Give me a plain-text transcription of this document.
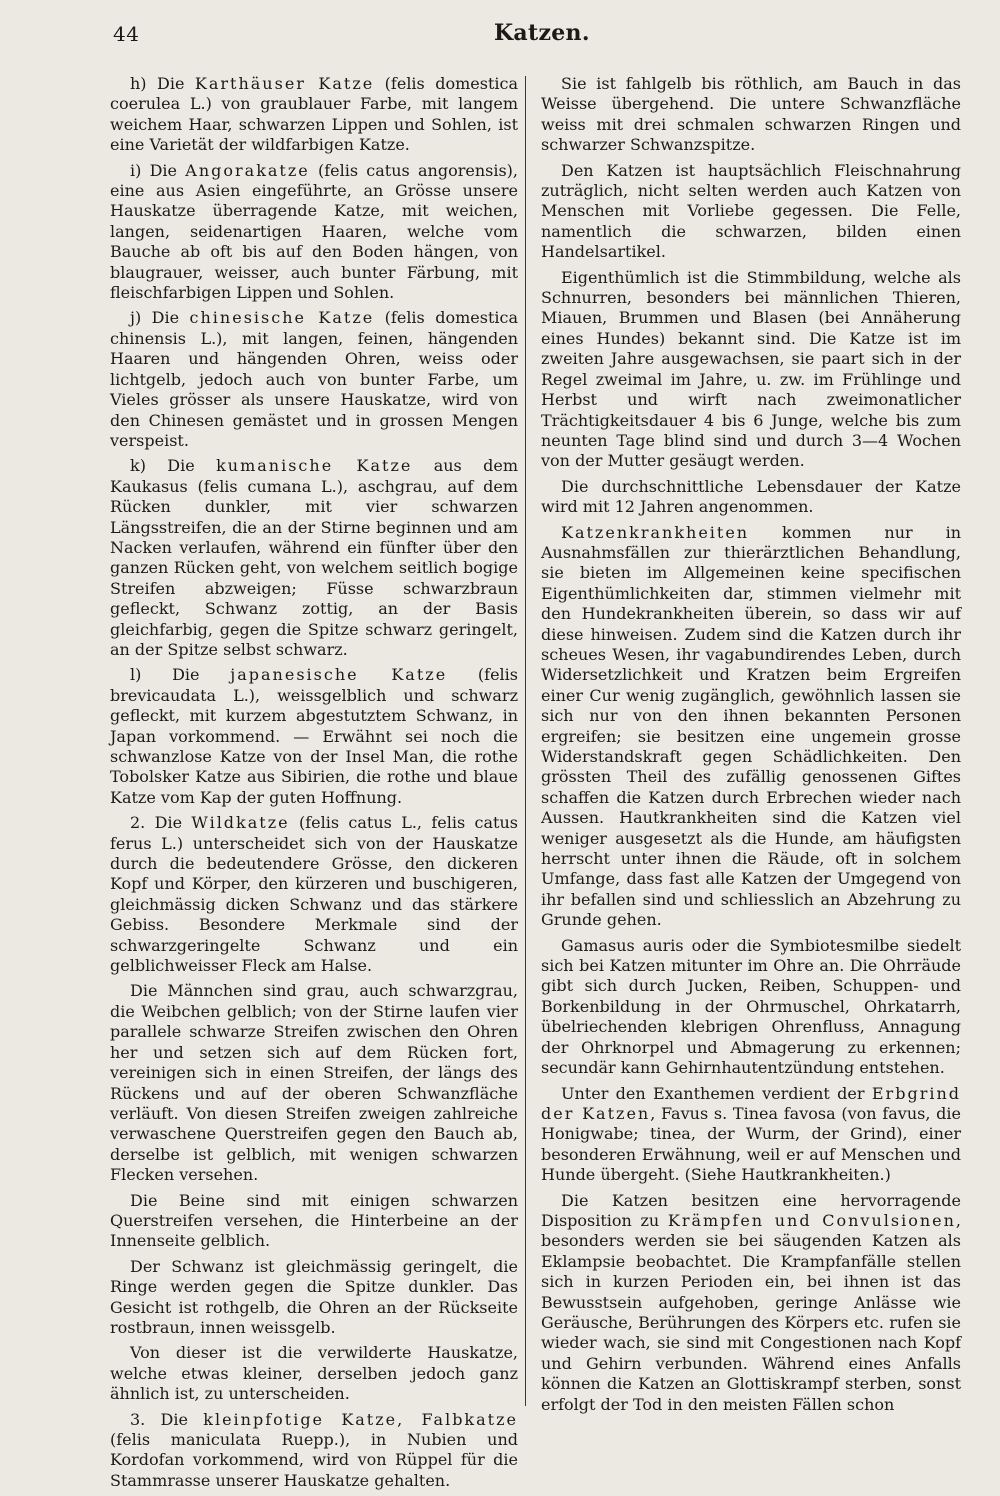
44	Katzen.

h) Die Karthäuser Katze (felis domestica coerulea L.) von graublauer Farbe, mit langem weichem Haar, schwarzen Lippen und Sohlen, ist eine Varietät der wildfarbigen Katze.

i) Die Angorakatze (felis catus angorensis), eine aus Asien eingeführte, an Grösse unsere Hauskatze überragende Katze, mit weichen, langen, seidenartigen Haaren, welche vom Bauche ab oft bis auf den Boden hängen, von blaugrauer, weisser, auch bunter Färbung, mit fleischfarbigen Lippen und Sohlen.

j) Die chinesische Katze (felis domestica chinensis L.), mit langen, feinen, hängenden Haaren und hängenden Ohren, weiss oder lichtgelb, jedoch auch von bunter Farbe, um Vieles grösser als unsere Hauskatze, wird von den Chinesen gemästet und in grossen Mengen verspeist.

k) Die kumanische Katze aus dem Kaukasus (felis cumana L.), aschgrau, auf dem Rücken dunkler, mit vier schwarzen Längsstreifen, die an der Stirne beginnen und am Nacken verlaufen, während ein fünfter über den ganzen Rücken geht, von welchem seitlich bogige Streifen abzweigen; Füsse schwarzbraun gefleckt, Schwanz zottig, an der Basis gleichfarbig, gegen die Spitze schwarz geringelt, an der Spitze selbst schwarz.

l) Die japanesische Katze (felis brevicaudata L.), weissgelblich und schwarz gefleckt, mit kurzem abgestutztem Schwanz, in Japan vorkommend. — Erwähnt sei noch die schwanzlose Katze von der Insel Man, die rothe Tobolsker Katze aus Sibirien, die rothe und blaue Katze vom Kap der guten Hoffnung.

2. Die Wildkatze (felis catus L., felis catus ferus L.) unterscheidet sich von der Hauskatze durch die bedeutendere Grösse, den dickeren Kopf und Körper, den kürzeren und buschigeren, gleichmässig dicken Schwanz und das stärkere Gebiss. Besondere Merkmale sind der schwarzgeringelte Schwanz und ein gelblichweisser Fleck am Halse.

Die Männchen sind grau, auch schwarzgrau, die Weibchen gelblich; von der Stirne laufen vier parallele schwarze Streifen zwischen den Ohren her und setzen sich auf dem Rücken fort, vereinigen sich in einen Streifen, der längs des Rückens und auf der oberen Schwanzfläche verläuft. Von diesen Streifen zweigen zahlreiche verwaschene Querstreifen gegen den Bauch ab, derselbe ist gelblich, mit wenigen schwarzen Flecken versehen.

Die Beine sind mit einigen schwarzen Querstreifen versehen, die Hinterbeine an der Innenseite gelblich.

Der Schwanz ist gleichmässig geringelt, die Ringe werden gegen die Spitze dunkler. Das Gesicht ist rothgelb, die Ohren an der Rückseite rostbraun, innen weissgelb.

Von dieser ist die verwilderte Hauskatze, welche etwas kleiner, derselben jedoch ganz ähnlich ist, zu unterscheiden.

3. Die kleinpfotige Katze, Falbkatze (felis maniculata Ruepp.), in Nubien und Kordofan vorkommend, wird von Rüppel für die Stammrasse unserer Hauskatze gehalten.

Sie ist fahlgelb bis röthlich, am Bauch in das Weisse übergehend. Die untere Schwanzfläche weiss mit drei schmalen schwarzen Ringen und schwarzer Schwanzspitze.

Den Katzen ist hauptsächlich Fleischnahrung zuträglich, nicht selten werden auch Katzen von Menschen mit Vorliebe gegessen. Die Felle, namentlich die schwarzen, bilden einen Handelsartikel.

Eigenthümlich ist die Stimmbildung, welche als Schnurren, besonders bei männlichen Thieren, Miauen, Brummen und Blasen (bei Annäherung eines Hundes) bekannt sind. Die Katze ist im zweiten Jahre ausgewachsen, sie paart sich in der Regel zweimal im Jahre, u. zw. im Frühlinge und Herbst und wirft nach zweimonatlicher Trächtigkeitsdauer 4 bis 6 Junge, welche bis zum neunten Tage blind sind und durch 3—4 Wochen von der Mutter gesäugt werden.

Die durchschnittliche Lebensdauer der Katze wird mit 12 Jahren angenommen.

Katzenkrankheiten kommen nur in Ausnahmsfällen zur thierärztlichen Behandlung, sie bieten im Allgemeinen keine specifischen Eigenthümlichkeiten dar, stimmen vielmehr mit den Hundekrankheiten überein, so dass wir auf diese hinweisen. Zudem sind die Katzen durch ihr scheues Wesen, ihr vagabundirendes Leben, durch Widersetzlichkeit und Kratzen beim Ergreifen einer Cur wenig zugänglich, gewöhnlich lassen sie sich nur von den ihnen bekannten Personen ergreifen; sie besitzen eine ungemein grosse Widerstandskraft gegen Schädlichkeiten. Den grössten Theil des zufällig genossenen Giftes schaffen die Katzen durch Erbrechen wieder nach Aussen. Hautkrankheiten sind die Katzen viel weniger ausgesetzt als die Hunde, am häufigsten herrscht unter ihnen die Räude, oft in solchem Umfange, dass fast alle Katzen der Umgegend von ihr befallen sind und schliesslich an Abzehrung zu Grunde gehen.

Gamasus auris oder die Symbiotesmilbe siedelt sich bei Katzen mitunter im Ohre an. Die Ohrräude gibt sich durch Jucken, Reiben, Schuppen- und Borkenbildung in der Ohrmuschel, Ohrkatarrh, übelriechenden klebrigen Ohrenfluss, Annagung der Ohrknorpel und Abmagerung zu erkennen; secundär kann Gehirnhautentzündung entstehen.

Unter den Exanthemen verdient der Erbgrind der Katzen, Favus s. Tinea favosa (von favus, die Honigwabe; tinea, der Wurm, der Grind), einer besonderen Erwähnung, weil er auf Menschen und Hunde übergeht. (Siehe Hautkrankheiten.)

Die Katzen besitzen eine hervorragende Disposition zu Krämpfen und Convulsionen, besonders werden sie bei säugenden Katzen als Eklampsie beobachtet. Die Krampfanfälle stellen sich in kurzen Perioden ein, bei ihnen ist das Bewusstsein aufgehoben, geringe Anlässe wie Geräusche, Berührungen des Körpers etc. rufen sie wieder wach, sie sind mit Congestionen nach Kopf und Gehirn verbunden. Während eines Anfalls können die Katzen an Glottiskrampf sterben, sonst erfolgt der Tod in den meisten Fällen schon
